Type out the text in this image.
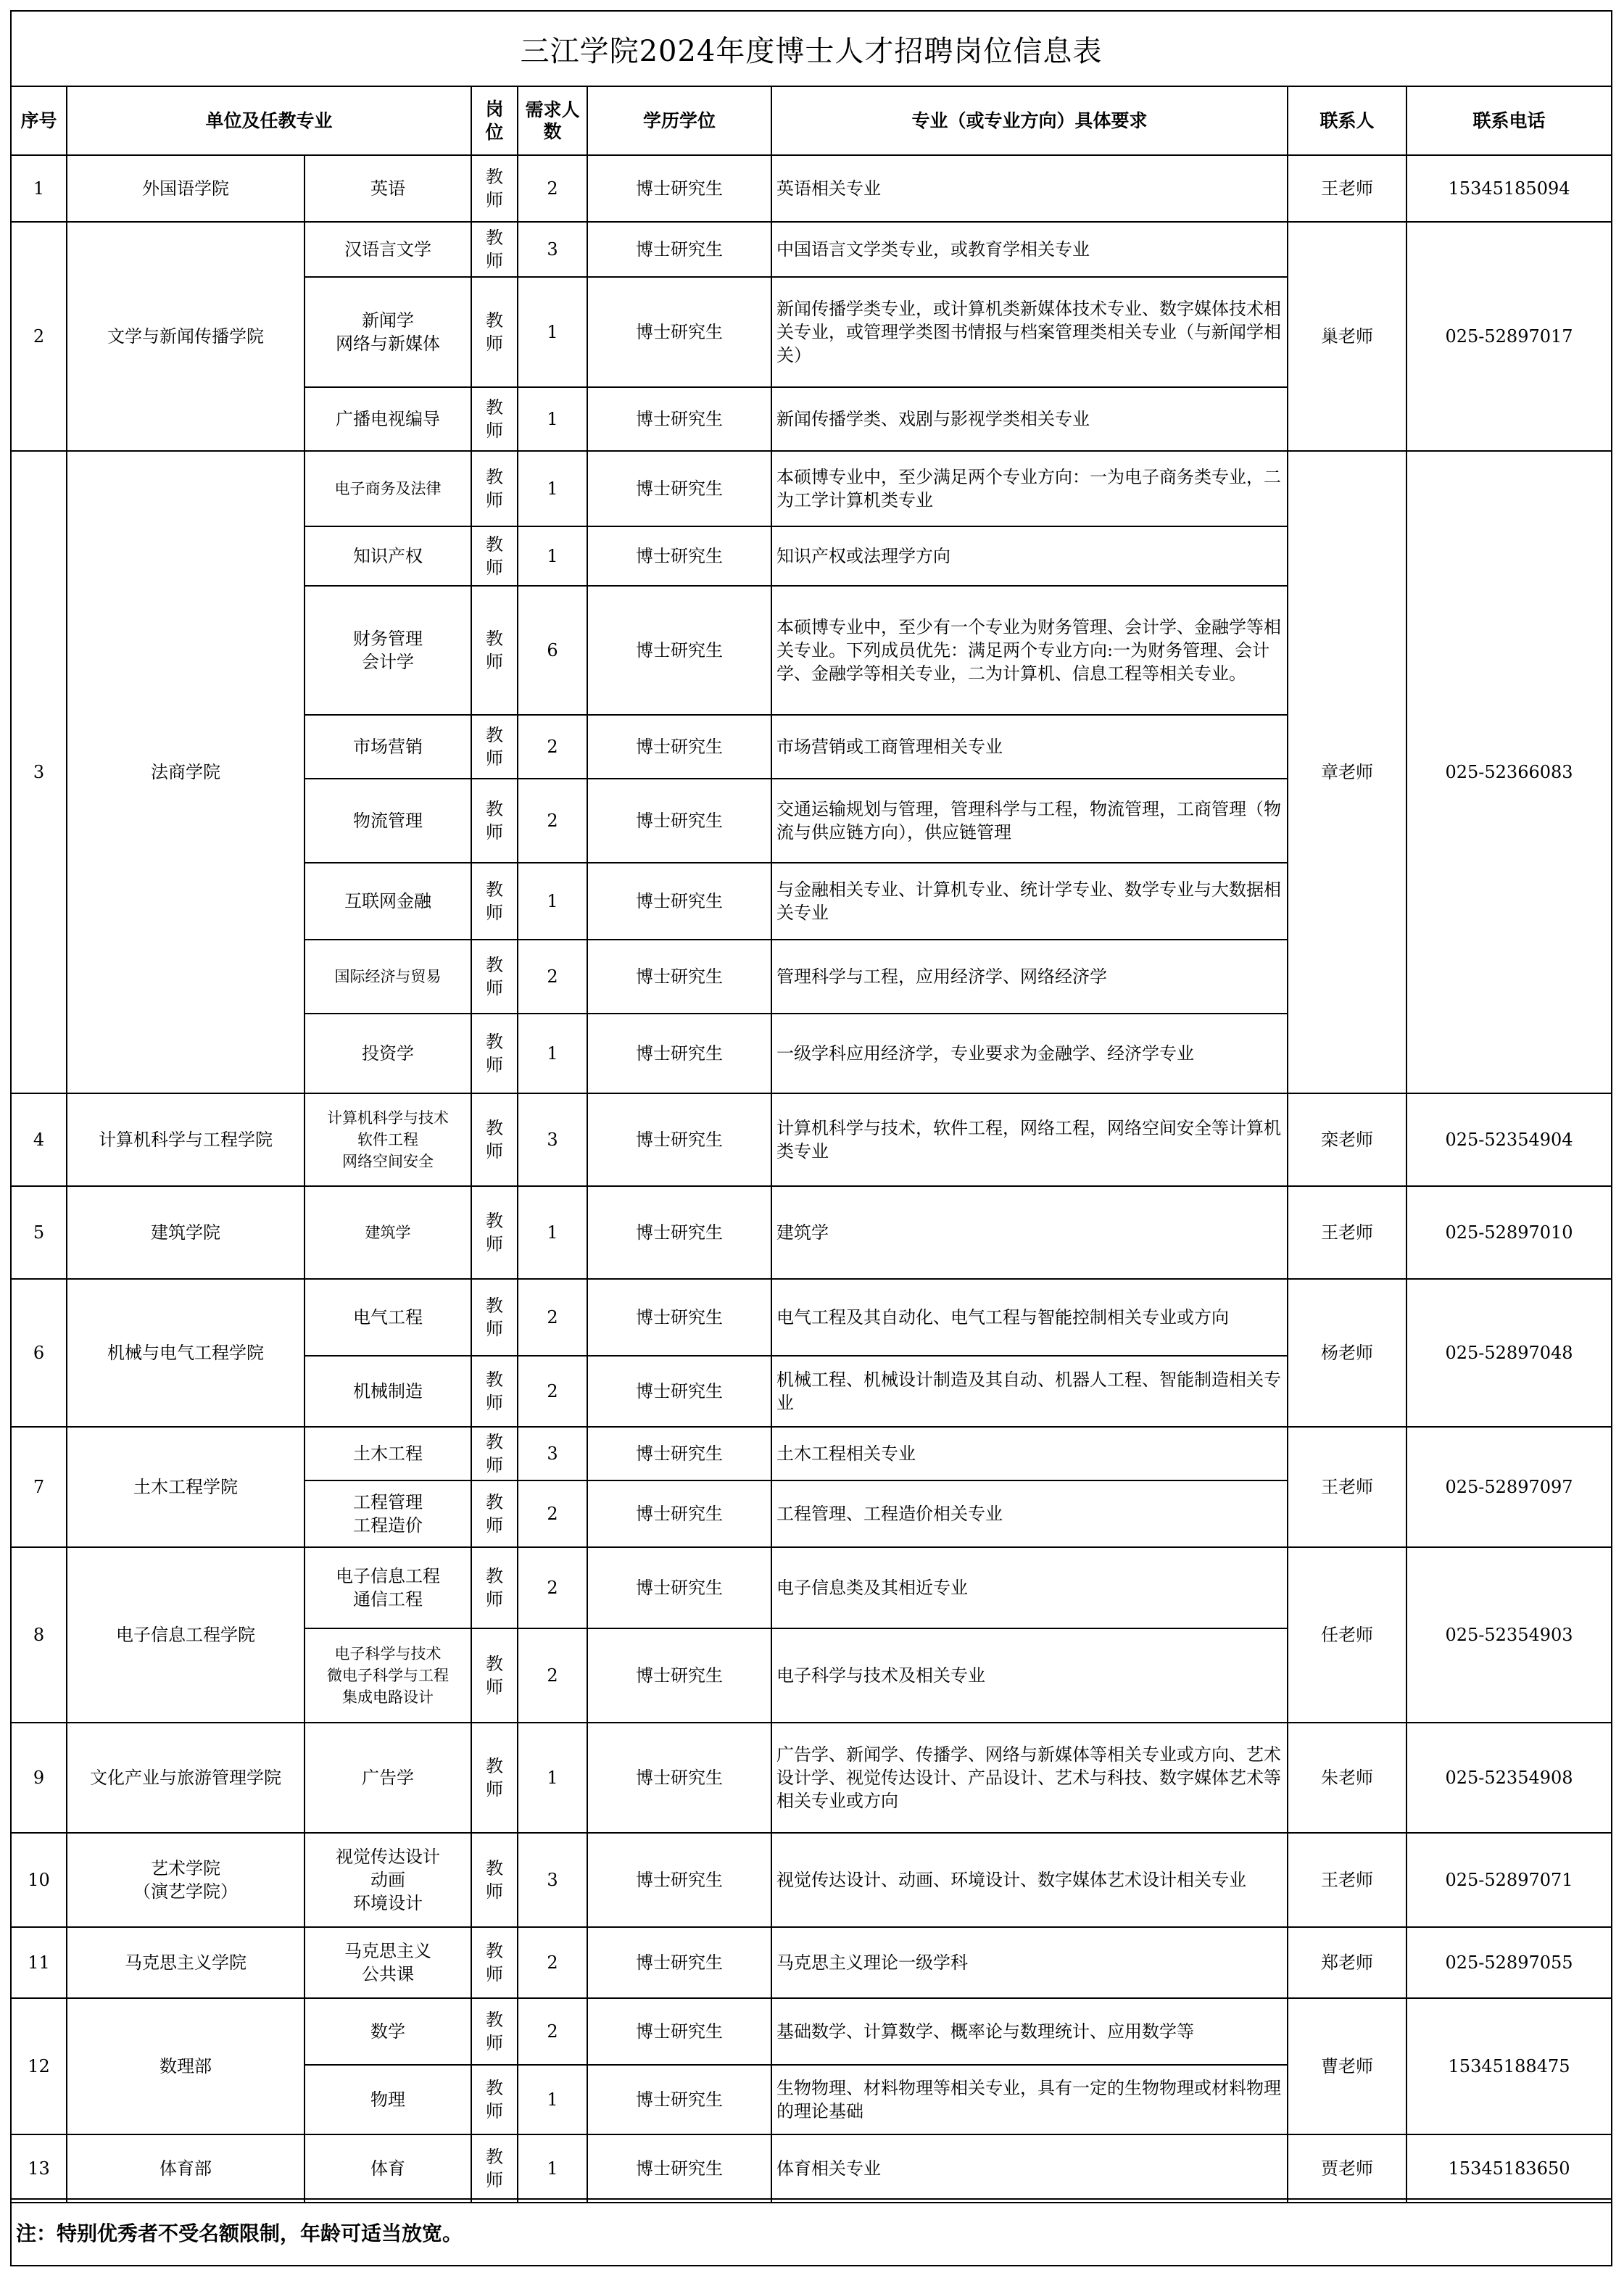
三江学院2024年度博士人才招聘岗位信息表
序号	单位及任教专业		岗位	需求人数	学历学位	专业（或专业方向）具体要求	联系人	联系电话
1	外国语学院	英语	教师	2	博士研究生	英语相关专业	王老师	15345185094
2	文学与新闻传播学院	汉语言文学	教师	3	博士研究生	中国语言文学类专业，或教育学相关专业	巢老师	025-52897017

		新闻学
网络与新媒体	教师	1	博士研究生	新闻传播学类专业，或计算机类新媒体技术专业、数字媒体技术相关专业，或管理学类图书情报与档案管理类相关专业（与新闻学相关）		
		广播电视编导	教师	1	博士研究生	新闻传播学类、戏剧与影视学类相关专业		
3	法商学院	电子商务及法律	教师	1	博士研究生	本硕博专业中，至少满足两个专业方向：一为电子商务类专业，二为工学计算机类专业	章老师	025-52366083
		知识产权	教师	1	博士研究生	知识产权或法理学方向		

		财务管理
会计学	教师	6	博士研究生	本硕博专业中，至少有一个专业为财务管理、会计学、金融学等相关专业。下列成员优先：满足两个专业方向:一为财务管理、会计学、金融学等相关专业，二为计算机、信息工程等相关专业。		
		市场营销	教师	2	博士研究生	市场营销或工商管理相关专业		
		物流管理	教师	2	博士研究生	交通运输规划与管理，管理科学与工程，物流管理，工商管理（物流与供应链方向），供应链管理		
		互联网金融	教师	1	博士研究生	与金融相关专业、计算机专业、统计学专业、数学专业与大数据相关专业		
		国际经济与贸易	教师	2	博士研究生	管理科学与工程，应用经济学、网络经济学		
		投资学	教师	1	博士研究生	一级学科应用经济学，专业要求为金融学、经济学专业		
4	计算机科学与工程学院	计算机科学与技术
软件工程
网络空间安全	教师	3	博士研究生	计算机科学与技术，软件工程，网络工程，网络空间安全等计算机类专业	栾老师	025-52354904
5	建筑学院	建筑学	教师	1	博士研究生	建筑学	王老师	025-52897010
6	机械与电气工程学院	电气工程	教师	2	博士研究生	电气工程及其自动化、电气工程与智能控制相关专业或方向	杨老师	025-52897048
		机械制造	教师	2	博士研究生	机械工程、机械设计制造及其自动、机器人工程、智能制造相关专业		
7	土木工程学院	土木工程	教师	3	博士研究生	土木工程相关专业	王老师	025-52897097

		工程管理
工程造价	教师	2	博士研究生	工程管理、工程造价相关专业		
8	电子信息工程学院	电子信息工程
通信工程	教师	2	博士研究生	电子信息类及其相近专业	任老师	025-52354903

		电子科学与技术
微电子科学与工程
集成电路设计	教师	2	博士研究生	电子科学与技术及相关专业		
9	文化产业与旅游管理学院	广告学	教师	1	博士研究生	广告学、新闻学、传播学、网络与新媒体等相关专业或方向、艺术设计学、视觉传达设计、产品设计、艺术与科技、数字媒体艺术等相关专业或方向	朱老师	025-52354908
10	艺术学院
（演艺学院）	视觉传达设计
动画
环境设计	教师	3	博士研究生	视觉传达设计、动画、环境设计、数字媒体艺术设计相关专业	王老师	025-52897071
11	马克思主义学院	马克思主义
公共课	教师	2	博士研究生	马克思主义理论一级学科	郑老师	025-52897055
12	数理部	数学	教师	2	博士研究生	基础数学、计算数学、概率论与数理统计、应用数学等	曹老师	15345188475
		物理	教师	1	博士研究生	生物物理、材料物理等相关专业，具有一定的生物物理或材料物理的理论基础		
13	体育部	体育	教师	1	博士研究生	体育相关专业	贾老师	15345183650
注：特别优秀者不受名额限制，年龄可适当放宽。
